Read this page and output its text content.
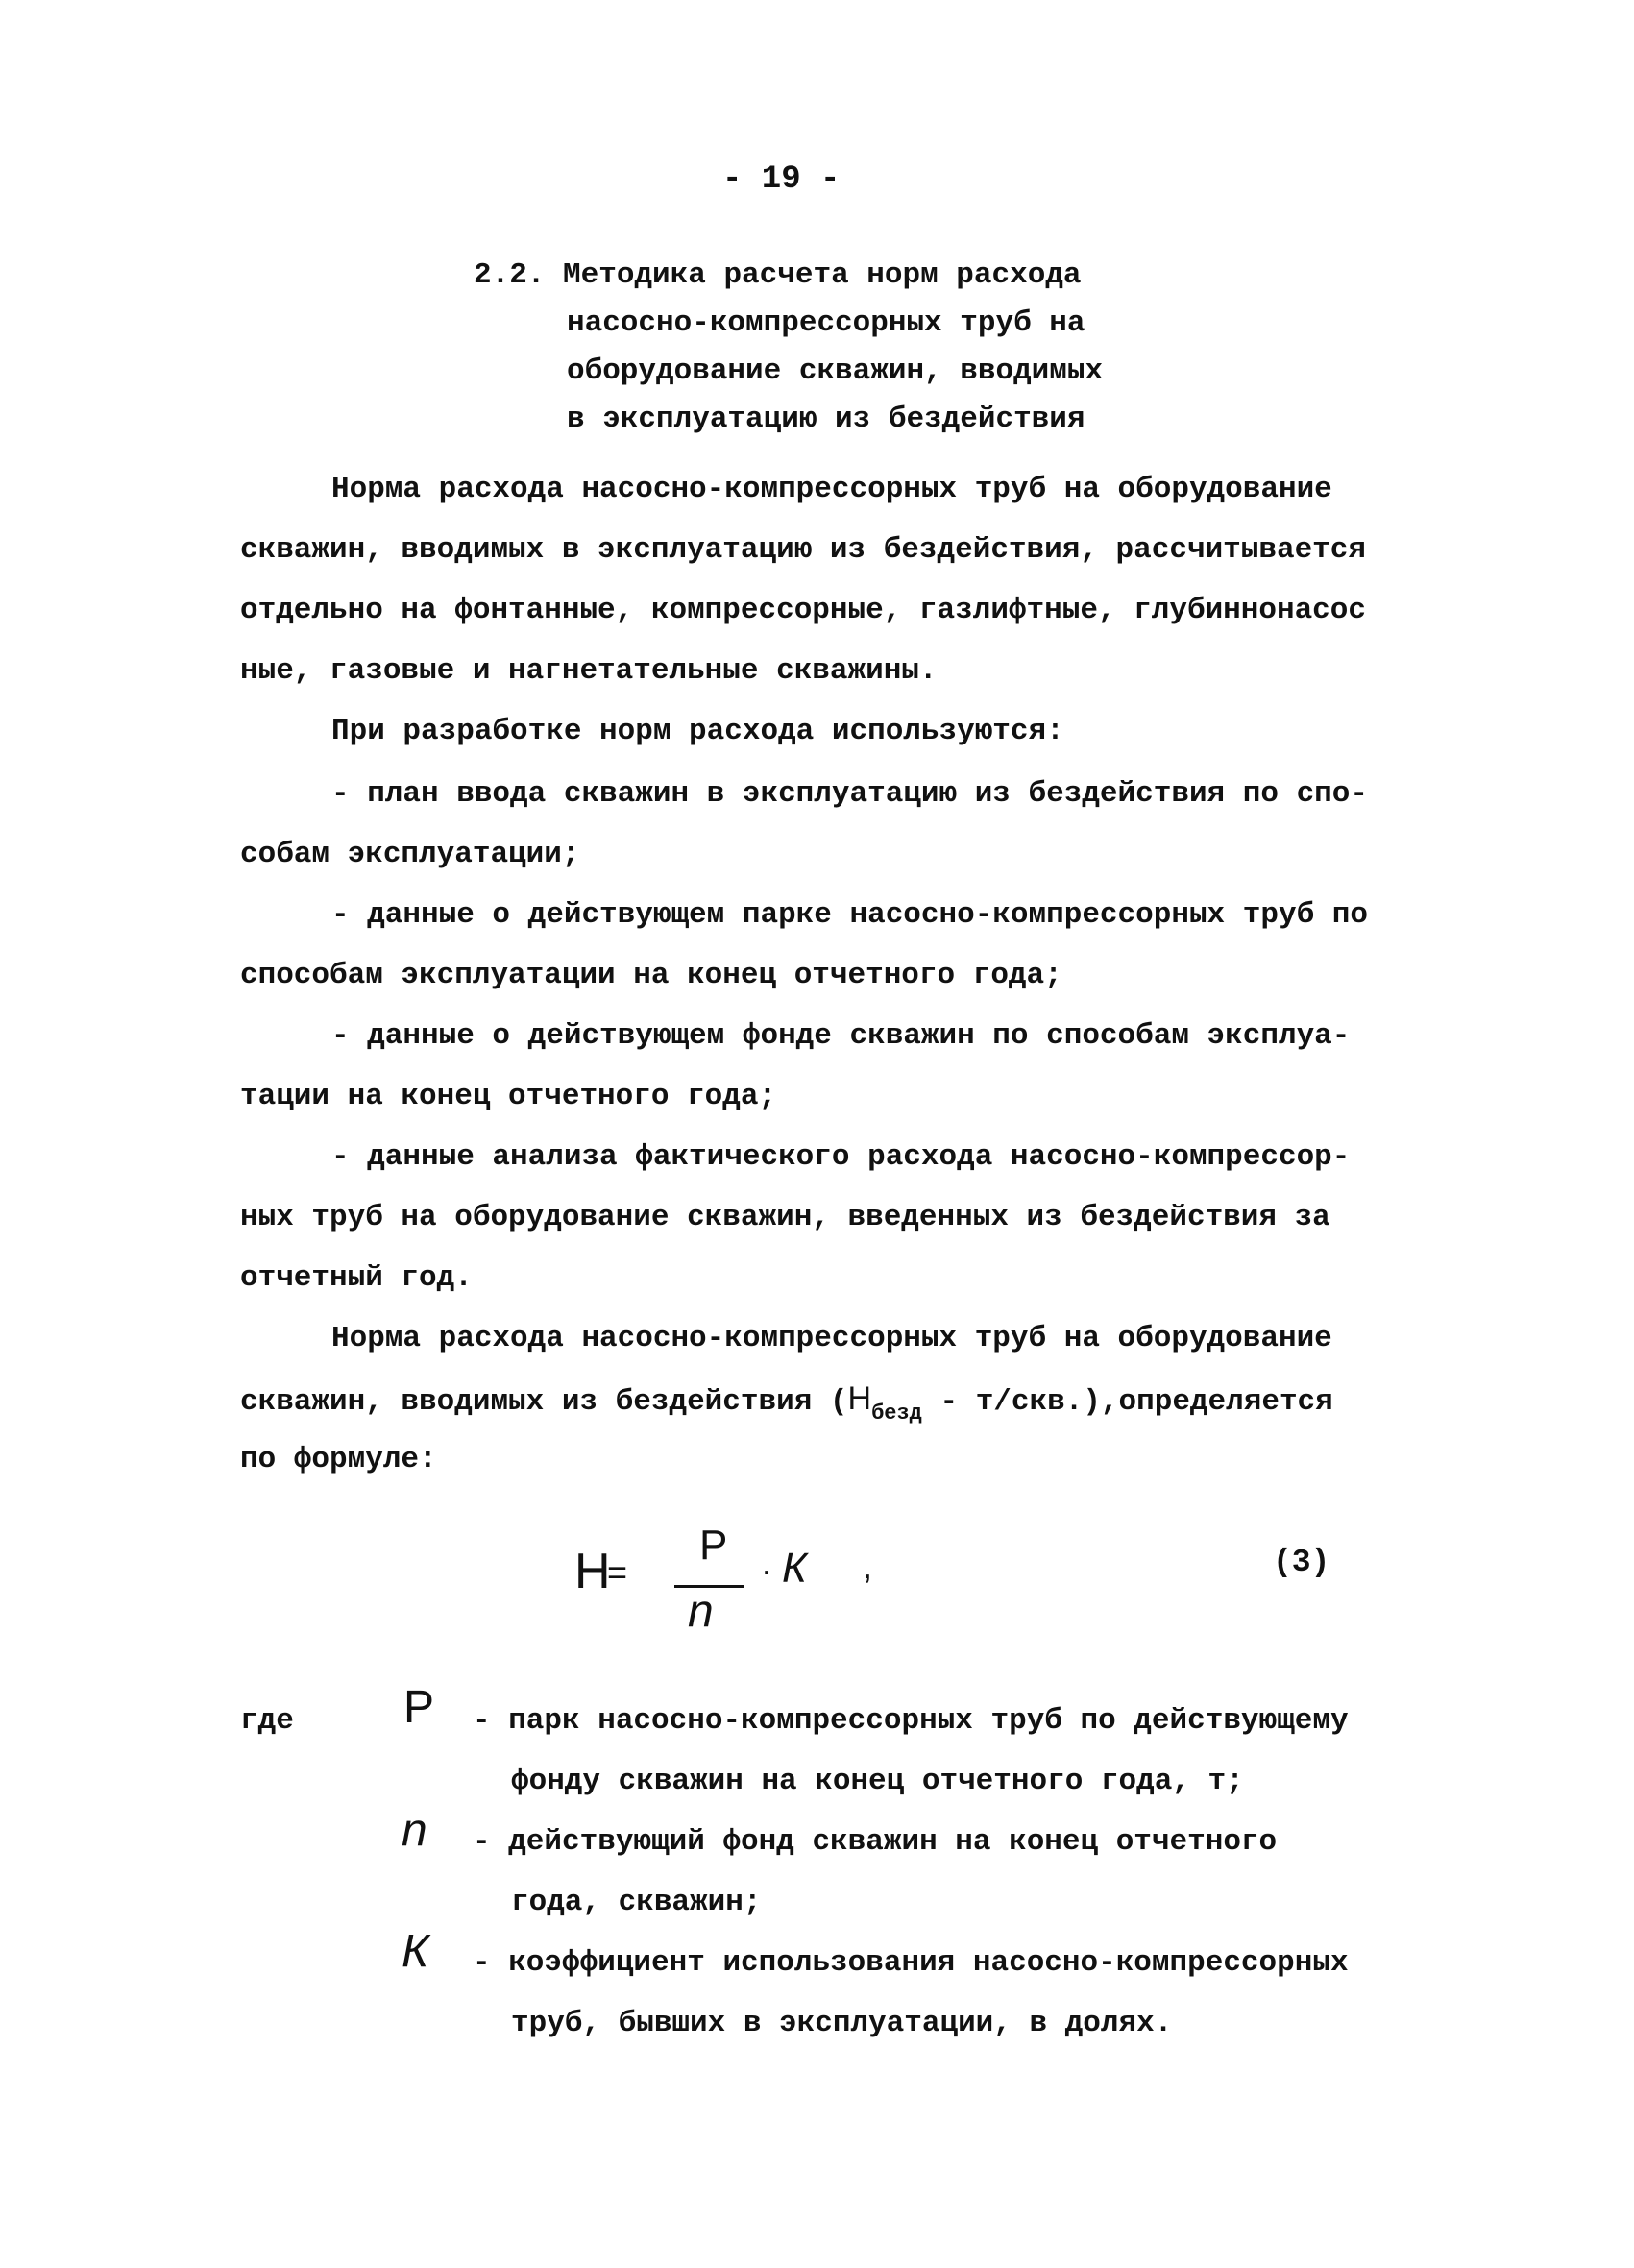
- 19 -
2.2. Методика расчета норм расхода
насосно-компрессорных труб на
оборудование скважин, вводимых
в эксплуатацию из бездействия
Норма расхода насосно-компрессорных труб на оборудование
скважин, вводимых в эксплуатацию из бездействия, рассчитывается
отдельно на фонтанные, компрессорные, газлифтные, глубиннонасос
ные, газовые и нагнетательные скважины.
При разработке норм расхода используются:
- план ввода скважин в эксплуатацию из бездействия по спо-
собам эксплуатации;
- данные о действующем парке насосно-компрессорных труб по
способам эксплуатации на конец отчетного года;
- данные о действующем фонде скважин по способам эксплуа-
тации на конец отчетного года;
- данные анализа фактического расхода насосно-компрессор-
ных труб на оборудование скважин, введенных из бездействия за
отчетный год.
Норма расхода насосно-компрессорных труб на оборудование
скважин, вводимых из бездействия ($Н_{безд}$ - т/скв.),определяется
по формуле:
Н
=
Р
n
· К ,	(3)
где Р - парк насосно-компрессорных труб по действующему
фонду скважин на конец отчетного года, т;
n - действующий фонд скважин на конец отчетного
года, скважин;
К - коэффициент использования насосно-компрессорных
труб, бывших в эксплуатации, в долях.
